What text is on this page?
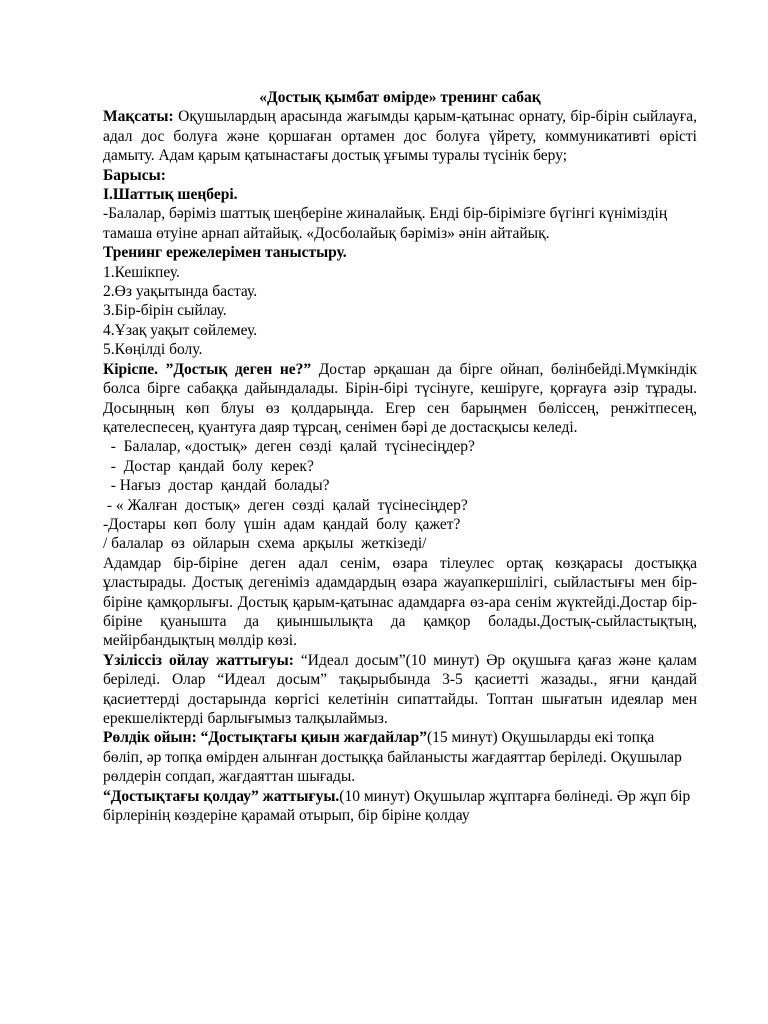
«Достық қымбат өмірде» тренинг сабақ

Мақсаты: Оқушылардың арасында жағымды қарым-қатынас орнату, бір-бірін сыйлауға, адал дос болуға және қоршаған ортамен дос болуға үйрету, коммуникативті өрісті дамыту. Адам қарым қатынастағы достық ұғымы туралы түсінік беру;

Барысы:

I.Шаттық шеңбері.

-Балалар, бәріміз шаттық шеңберіне жиналайық. Енді бір-бірімізге бүгінгі күніміздің тамаша өтуіне арнап айтайық. «Досболайық бәріміз» әнін айтайық.

Тренинг ережелерімен таныстыру.

1.Кешікпеу.

2.Өз уақытында бастау.

3.Бір-бірін сыйлау.

4.Ұзақ уақыт сөйлемеу.

5.Көңілді болу.

Кіріспе. ”Достық деген не?” Достар әрқашан да бірге ойнап, бөлінбейді.Мүмкіндік болса бірге сабаққа дайындалады. Бірін-бірі түсінуге, кешіруге, қорғауға әзір тұрады. Досыңның көп блуы өз қолдарыңда. Егер сен барыңмен бөліссең, ренжітпесең, қателеспесең, қуантуға даяр тұрсаң, сенімен бәрі де достасқысы келеді.

-  Балалар, «достық»  деген  сөзді  қалай  түсінесіңдер?

-  Достар  қандай  болу  керек?

- Нағыз  достар  қандай  болады?

- « Жалған  достық»  деген  сөзді  қалай  түсінесіңдер?

-Достары  көп  болу  үшін  адам  қандай  болу  қажет?

/ балалар  өз  ойларын  схема  арқылы  жеткізеді/

Адамдар бір-біріне деген адал сенім, өзара тілеулес ортақ көзқарасы достыққа ұластырады. Достық дегеніміз адамдардың өзара жауапкершілігі, сыйластығы мен бір-біріне қамқорлығы. Достық қарым-қатынас адамдарға өз-ара сенім жүктейді.Достар бір-біріне қуанышта да қиыншылықта да қамқор болады.Достық-сыйластықтың, мейірбандықтың мөлдір көзі.

Үзіліссіз ойлау жаттығуы: “Идеал досым”(10 минут) Әр оқушыға қағаз және қалам беріледі. Олар “Идеал досым” тақырыбында 3-5 қасиетті жазады., яғни қандай қасиеттерді достарында көргісі келетінін сипаттайды. Топтан шығатын идеялар мен ерекшеліктерді барлығымыз талқылаймыз.

Рөлдік ойын: “Достықтағы қиын жағдайлар”(15 минут) Оқушыларды екі топқа бөліп, әр топқа өмірден алынған достыққа байланысты жағдаяттар беріледі. Оқушылар рөлдерін сопдап, жағдаяттан шығады.

“Достықтағы қолдау” жаттығуы.(10 минут) Оқушылар жұптарға бөлінеді. Әр жұп бір бірлерінің көздеріне қарамай отырып, бір біріне қолдау
